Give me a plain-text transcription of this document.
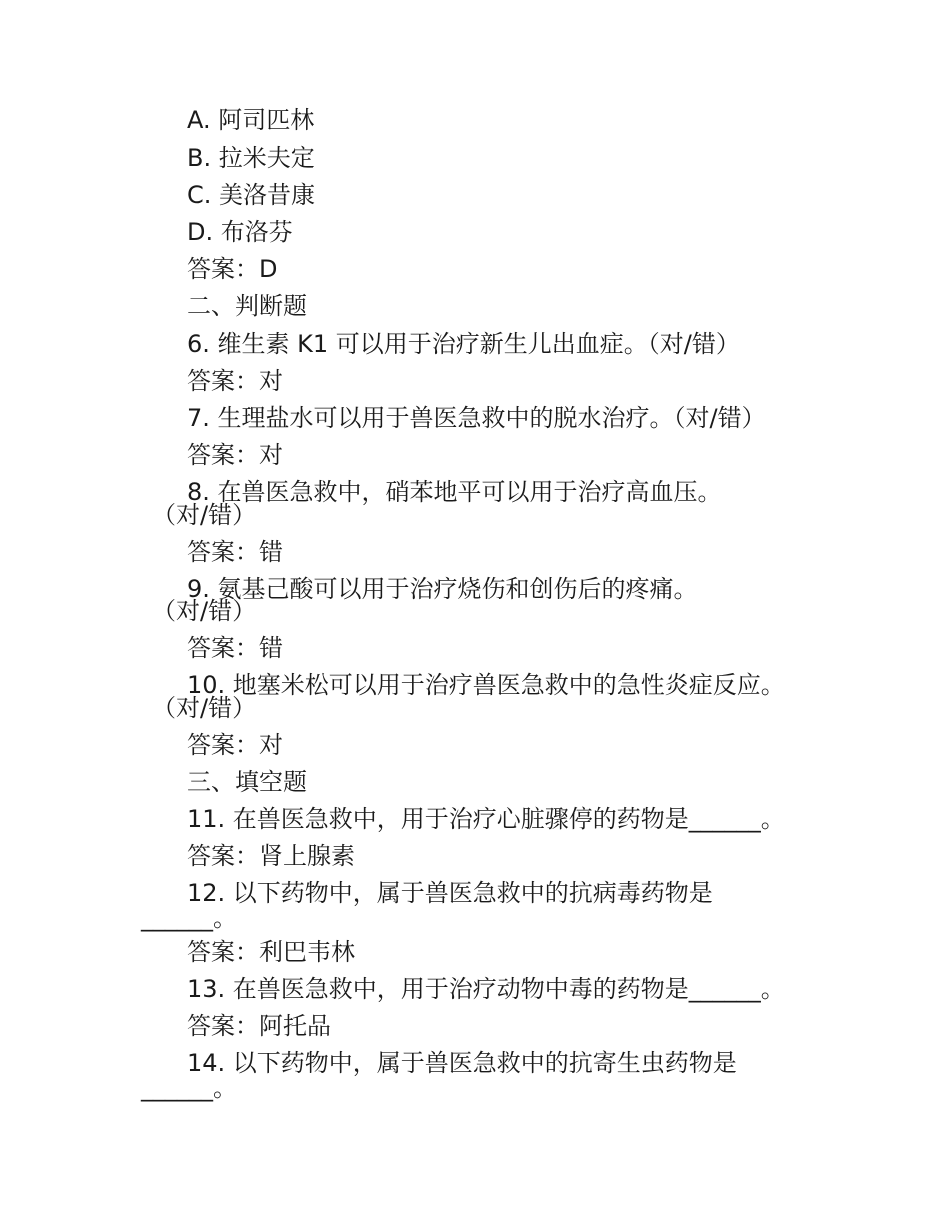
A. 阿司匹林
B. 拉米夫定
C. 美洛昔康
D. 布洛芬
答案：D
二、判断题
6. 维生素 K1 可以用于治疗新生儿出血症。（对/错）
答案：对
7. 生理盐水可以用于兽医急救中的脱水治疗。（对/错）
答案：对
8. 在兽医急救中，硝苯地平可以用于治疗高血压。
（对/错）
答案：错
9. 氨基己酸可以用于治疗烧伤和创伤后的疼痛。
（对/错）
答案：错
10. 地塞米松可以用于治疗兽医急救中的急性炎症反应。
（对/错）
答案：对
三、填空题
11. 在兽医急救中，用于治疗心脏骤停的药物是______。
答案：肾上腺素
12. 以下药物中，属于兽医急救中的抗病毒药物是
______。
答案：利巴韦林
13. 在兽医急救中，用于治疗动物中毒的药物是______。
答案：阿托品
14. 以下药物中，属于兽医急救中的抗寄生虫药物是
______。
